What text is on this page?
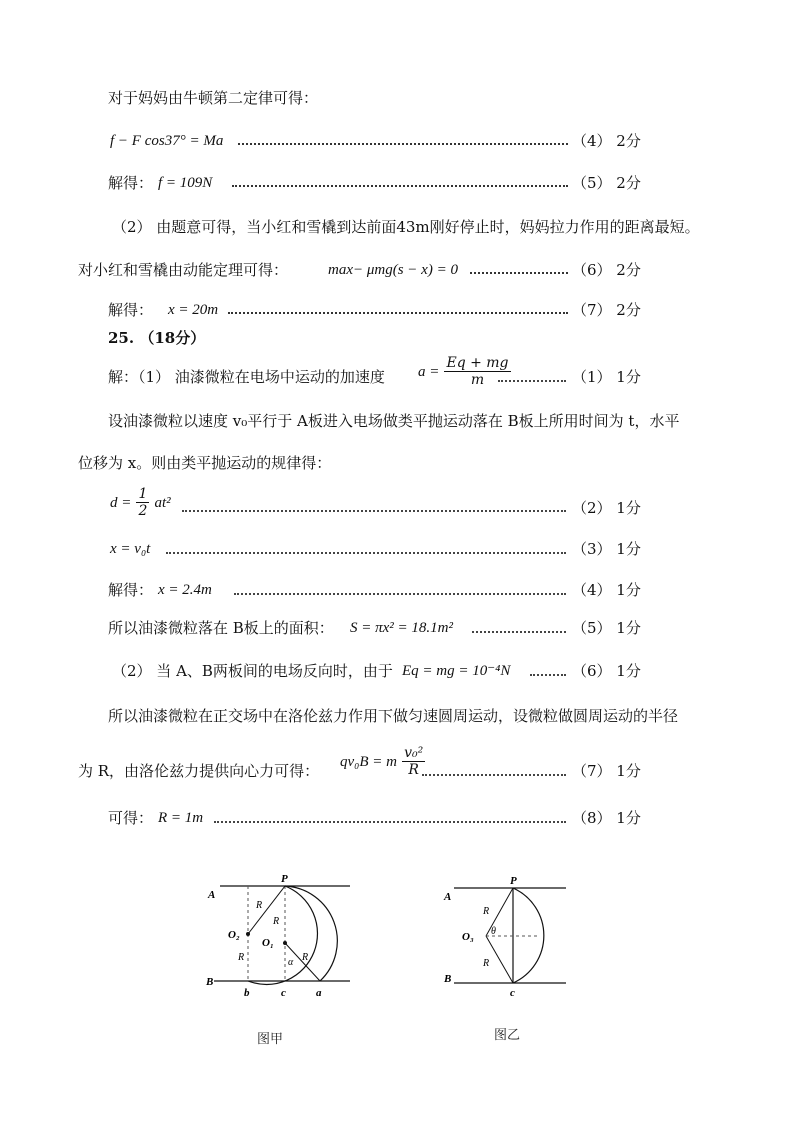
对于妈妈由牛顿第二定律可得：
f − F cos37° = Ma	（4） 2分
解得： f = 109N	（5） 2分
（2） 由题意可得，当小红和雪橇到达前面43m刚好停止时，妈妈拉力作用的距离最短。
对小红和雪橇由动能定理可得：	max− μmg(s − x) = 0	（6） 2分
解得： x = 20m	（7） 2分
25. （18分）
解：（1） 油漆微粒在电场中运动的加速度 $a = \frac{Eq + mg}{m}$	（1） 1分
设油漆微粒以速度 v₀平行于 A板进入电场做类平抛运动落在 B板上所用时间为 t，水平
位移为 x。则由类平抛运动的规律得：
$d = \frac{1}{2} at^2$	（2） 1分
x = v₀t	（3） 1分
解得： x = 2.4m	（4） 1分
所以油漆微粒落在 B板上的面积： S = πx² = 18.1m²	（5） 1分
（2） 当 A、B两板间的电场反向时，由于 Eq = mg = 10⁻⁴N	（6） 1分
所以油漆微粒在正交场中在洛伦兹力作用下做匀速圆周运动，设微粒做圆周运动的半径
为 R，由洛伦兹力提供向心力可得： qv₀B = m $\frac{\text{v₀²}}{R}$	（7） 1分
可得： R = 1m	（8） 1分
A
B
P
O₂
O₁
R
R
R	R
α
b	c	a
图甲
A
B
P
O₃
R
R
θ
c
图乙
